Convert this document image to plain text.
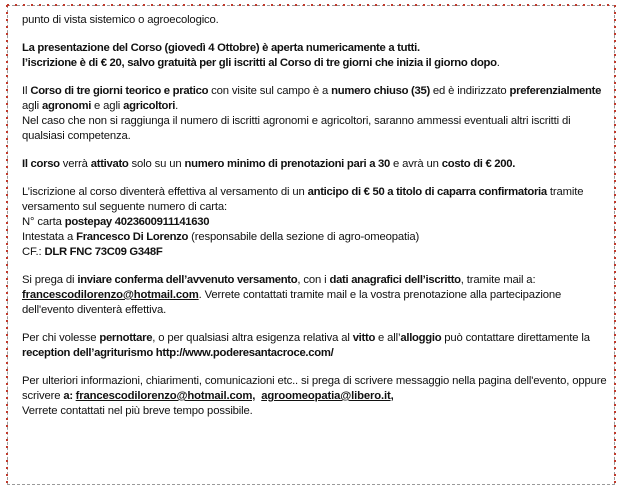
punto di vista sistemico o agroecologico.

La presentazione del Corso (giovedì 4 Ottobre) è aperta numericamente a tutti.
l’iscrizione è di € 20, salvo gratuità per gli iscritti al Corso di tre giorni che inizia il giorno dopo.

Il Corso di tre giorni teorico e pratico con visite sul campo è a numero chiuso (35) ed è indirizzato preferenzialmente agli agronomi e agli agricoltori.
Nel caso che non si raggiunga il numero di iscritti agronomi e agricoltori, saranno ammessi eventuali altri iscritti di qualsiasi competenza.

Il corso verrà attivato solo su un numero minimo di prenotazioni pari a 30 e avrà un costo di € 200.

L’iscrizione al corso diventerà effettiva al versamento di un anticipo di € 50 a titolo di caparra confirmatoria tramite versamento sul seguente numero di carta:
N° carta postepay 4023600911141630
Intestata a Francesco Di Lorenzo (responsabile della sezione di agro-omeopatia)
CF.: DLR FNC 73C09 G348F

Si prega di inviare conferma dell’avvenuto versamento, con i dati anagrafici dell’iscritto, tramite mail a: francescodilorenzo@hotmail.com. Verrete contattati tramite mail e la vostra prenotazione alla partecipazione dell'evento diventerà effettiva.

Per chi volesse pernottare, o per qualsiasi altra esigenza relativa al vitto e all’alloggio può contattare direttamente la reception dell’agriturismo http://www.poderesantacroce.com/

Per ulteriori informazioni, chiarimenti, comunicazioni etc.. si prega di scrivere messaggio nella pagina dell'evento, oppure scrivere a: francescodilorenzo@hotmail.com, agroomeopatia@libero.it,
Verrete contattati nel più breve tempo possibile.
